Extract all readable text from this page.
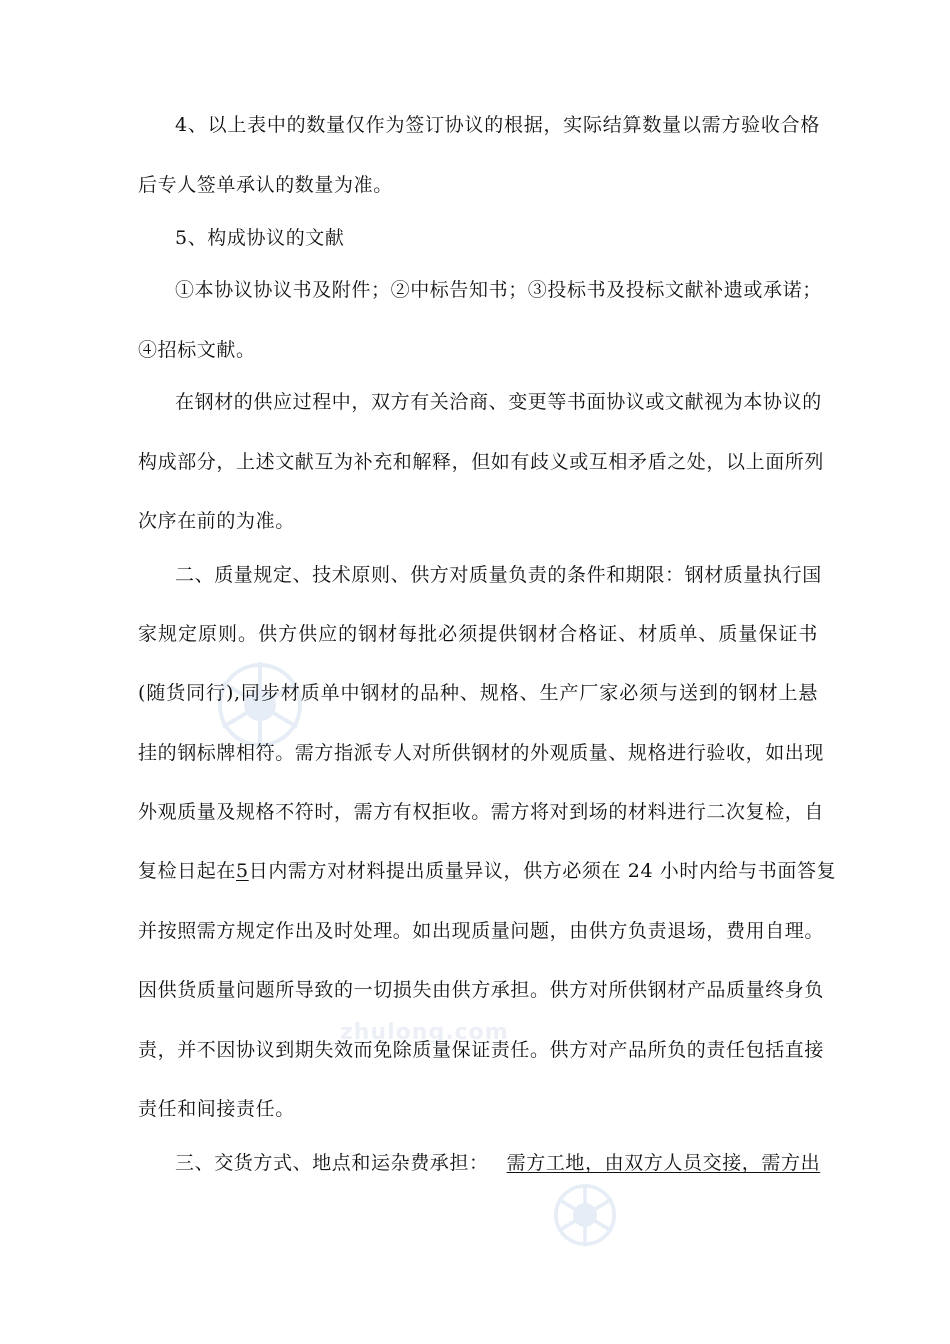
zhulong.com
4、以上表中的数量仅作为签订协议的根据，实际结算数量以需方验收合格
后专人签单承认的数量为准。
5、构成协议的文献
①本协议协议书及附件；②中标告知书；③投标书及投标文献补遗或承诺；
④招标文献。
在钢材的供应过程中，双方有关洽商、变更等书面协议或文献视为本协议的
构成部分，上述文献互为补充和解释，但如有歧义或互相矛盾之处，以上面所列
次序在前的为准。
二、质量规定、技术原则、供方对质量负责的条件和期限：钢材质量执行国
家规定原则。供方供应的钢材每批必须提供钢材合格证、材质单、质量保证书
(随货同行),同步材质单中钢材的品种、规格、生产厂家必须与送到的钢材上悬
挂的钢标牌相符。需方指派专人对所供钢材的外观质量、规格进行验收，如出现
外观质量及规格不符时，需方有权拒收。需方将对到场的材料进行二次复检，自
复检日起在5日内需方对材料提出质量异议，供方必须在 24 小时内给与书面答复
并按照需方规定作出及时处理。如出现质量问题，由供方负责退场，费用自理。
因供货质量问题所导致的一切损失由供方承担。供方对所供钢材产品质量终身负
责，并不因协议到期失效而免除质量保证责任。供方对产品所负的责任包括直接
责任和间接责任。
三、交货方式、地点和运杂费承担： 需方工地，由双方人员交接，需方出
